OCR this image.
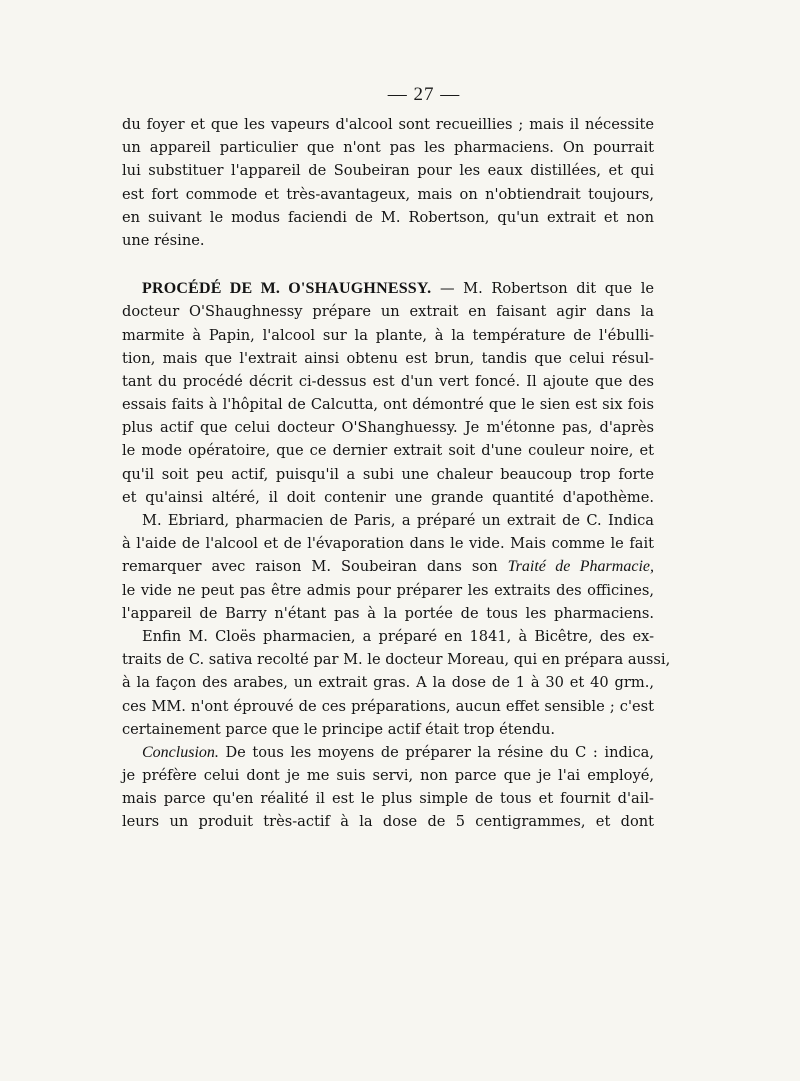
— 27 —
du foyer et que les vapeurs d'alcool sont recueillies ; mais il nécessite
un appareil particulier que n'ont pas les pharmaciens. On pourrait
lui substituer l'appareil de Soubeiran pour les eaux distillées, et qui
est fort commode et très-avantageux, mais on n'obtiendrait toujours,
en suivant le modus faciendi de M. Robertson, qu'un extrait et non
une résine.
PROCÉDÉ DE M. O'SHAUGHNESSY. — M. Robertson dit que le
docteur O'Shaughnessy prépare un extrait en faisant agir dans la
marmite à Papin, l'alcool sur la plante, à la température de l'ébulli-
tion, mais que l'extrait ainsi obtenu est brun, tandis que celui résul-
tant du procédé décrit ci-dessus est d'un vert foncé. Il ajoute que des
essais faits à l'hôpital de Calcutta, ont démontré que le sien est six fois
plus actif que celui docteur O'Shanghuessy. Je m'étonne pas, d'après
le mode opératoire, que ce dernier extrait soit d'une couleur noire, et
qu'il soit peu actif, puisqu'il a subi une chaleur beaucoup trop forte
et qu'ainsi altéré, il doit contenir une grande quantité d'apothème.
M. Ebriard, pharmacien de Paris, a préparé un extrait de C. Indica
à l'aide de l'alcool et de l'évaporation dans le vide. Mais comme le fait
remarquer avec raison M. Soubeiran dans son Traité de Pharmacie,
le vide ne peut pas être admis pour préparer les extraits des officines,
l'appareil de Barry n'étant pas à la portée de tous les pharmaciens.
Enfin M. Cloës pharmacien, a préparé en 1841, à Bicêtre, des ex-
traits de C. sativa recolté par M. le docteur Moreau, qui en prépara aussi,
à la façon des arabes, un extrait gras. A la dose de 1 à 30 et 40 grm.,
ces MM. n'ont éprouvé de ces préparations, aucun effet sensible ; c'est
certainement parce que le principe actif était trop étendu.
Conclusion. De tous les moyens de préparer la résine du C : indica,
je préfère celui dont je me suis servi, non parce que je l'ai employé,
mais parce qu'en réalité il est le plus simple de tous et fournit d'ail-
leurs un produit très-actif à la dose de 5 centigrammes, et dont
